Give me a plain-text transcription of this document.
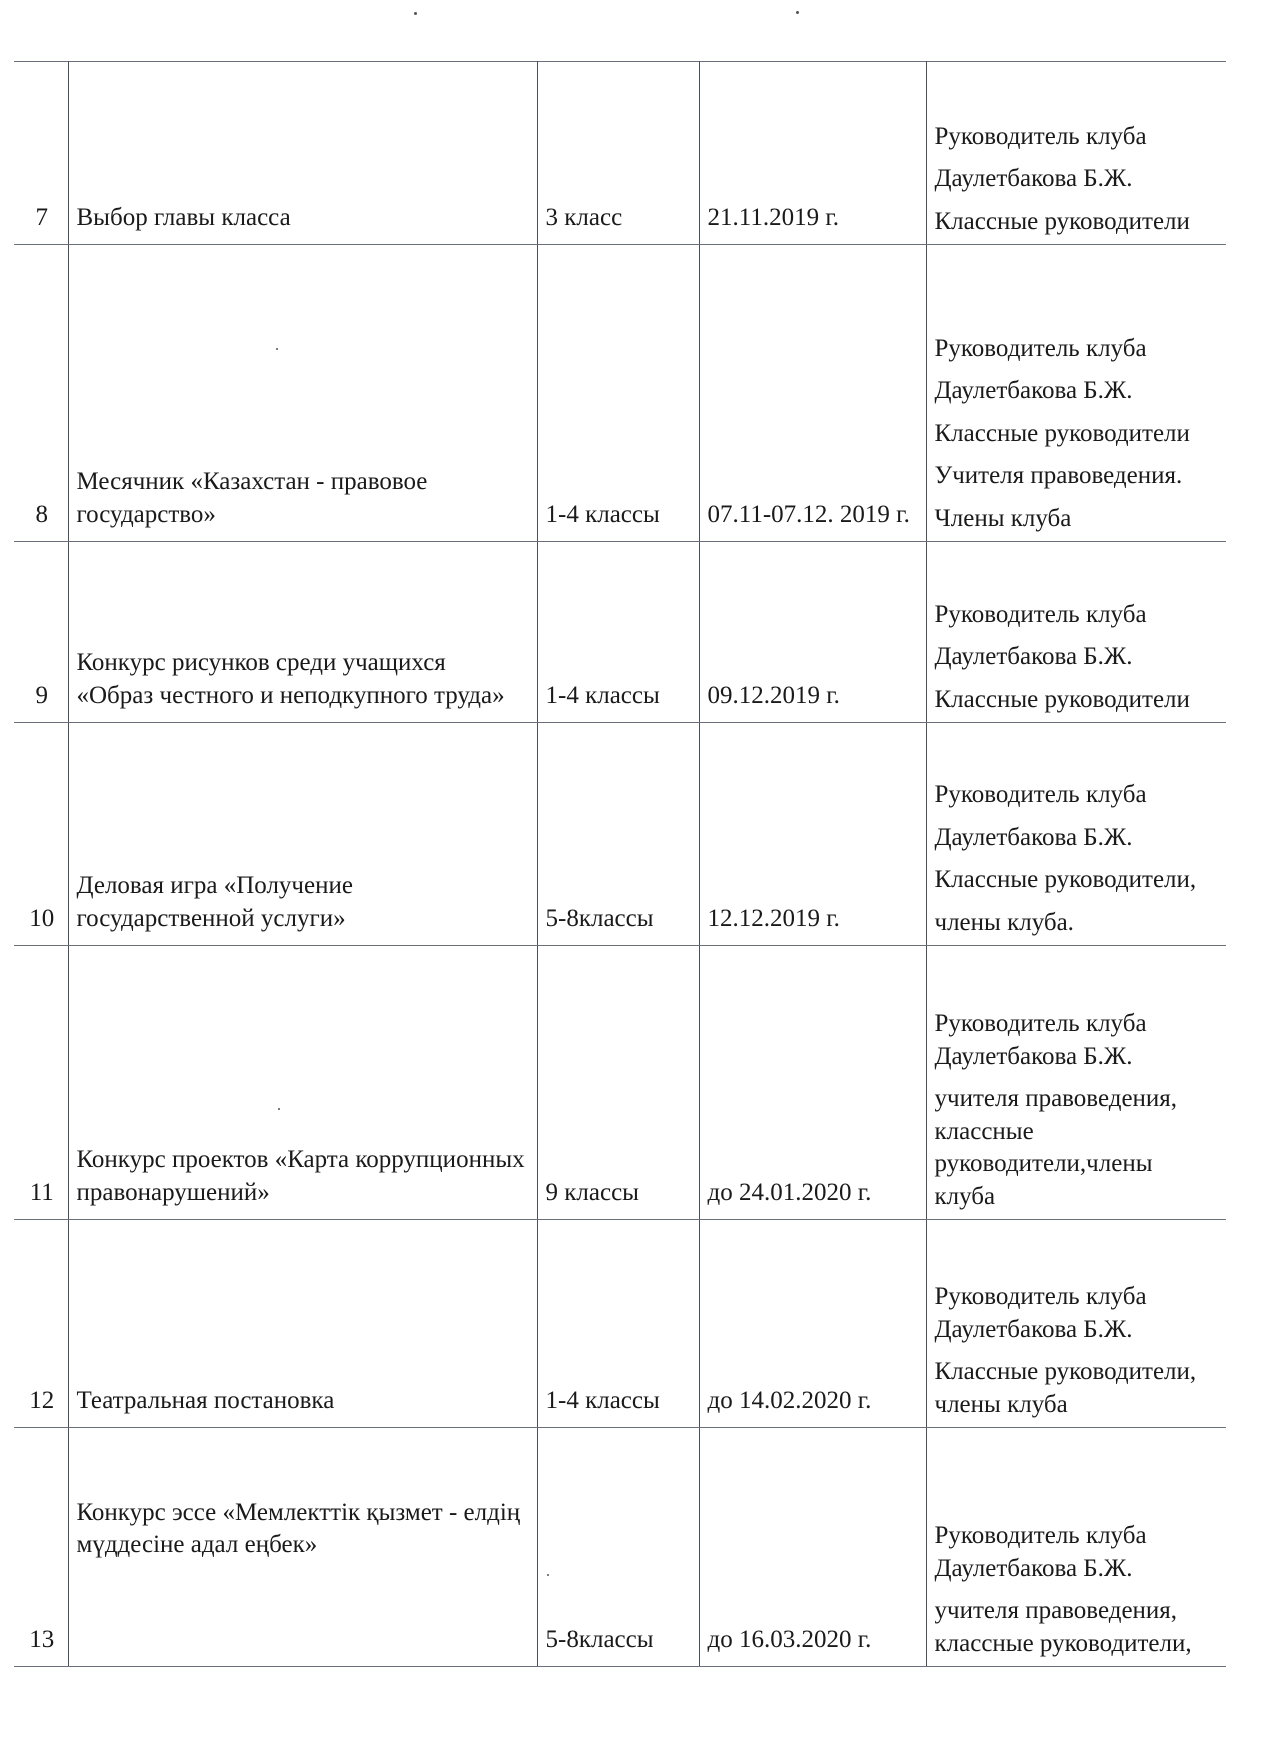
7	Выбор главы класса	3 класс	21.11.2019 г.	Руководитель клуба
Даулетбакова Б.Ж.
Классные руководители

8	Месячник «Казахстан - правовое государство»	1-4 классы	07.11-07.12. 2019 г.	Руководитель клуба
Даулетбакова Б.Ж.
Классные руководители
Учителя правоведения.
Члены клуба

9	Конкурс рисунков среди учащихся «Образ честного и неподкупного труда»	1-4 классы	09.12.2019 г.	Руководитель клуба
Даулетбакова Б.Ж.
Классные руководители

10	Деловая игра «Получение государственной услуги»	5-8классы	12.12.2019 г.	Руководитель клуба
Даулетбакова Б.Ж.
Классные руководители,
члены клуба.

11	Конкурс проектов «Карта коррупционных правонарушений»	9 классы	до 24.01.2020 г.	Руководитель клуба Даулетбакова Б.Ж.
учителя правоведения, классные руководители,члены клуба

12	Театральная постановка	1-4 классы	до 14.02.2020 г.	Руководитель клуба Даулетбакова Б.Ж.
Классные руководители, члены клуба

13	Конкурс эссе «Мемлекттік қызмет - елдің мүддесіне адал еңбек»	5-8классы	до 16.03.2020 г.	Руководитель клуба Даулетбакова Б.Ж.
учителя правоведения, классные руководители,
